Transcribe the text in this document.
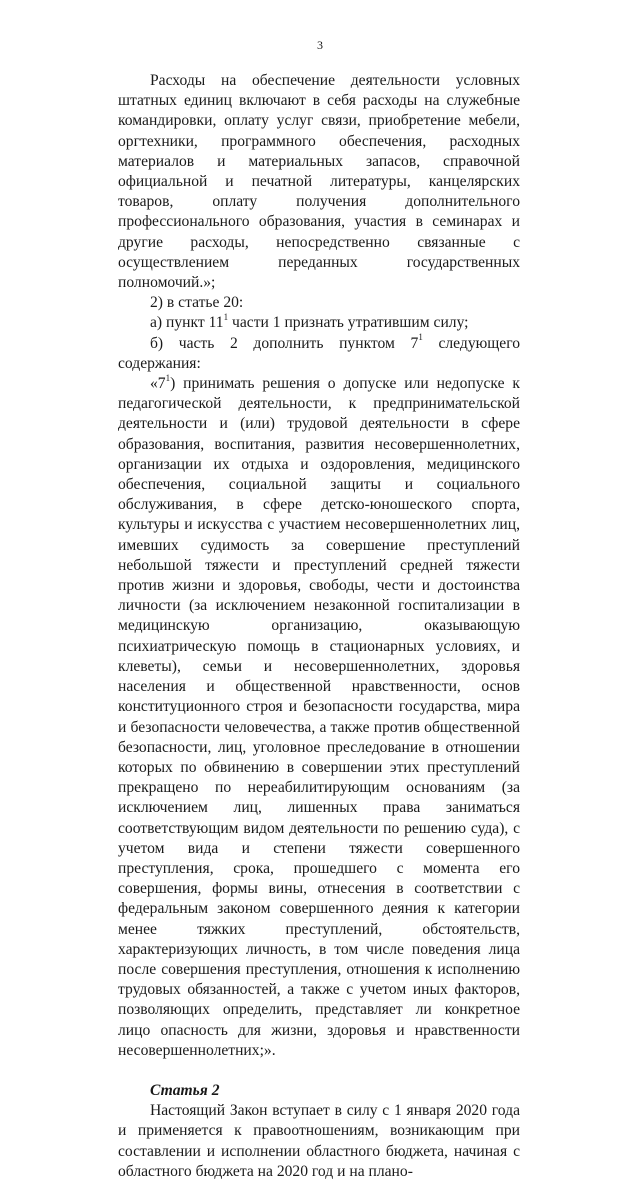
3

Расходы на обеспечение деятельности условных штатных единиц включают в себя расходы на служебные командировки, оплату услуг связи, приобретение мебели, оргтехники, программного обеспечения, расходных материалов и материальных запасов, справочной официальной и печатной литературы, канцелярских товаров, оплату получения дополнительного профессионального образования, участия в семинарах и другие расходы, непосредственно связанные с осуществлением переданных государственных полномочий.»;

2) в статье 20:

а) пункт $11^1$ части 1 признать утратившим силу;

б) часть 2 дополнить пунктом $7^1$ следующего содержания:

«$7^1$) принимать решения о допуске или недопуске к педагогической деятельности, к предпринимательской деятельности и (или) трудовой деятельности в сфере образования, воспитания, развития несовершеннолетних, организации их отдыха и оздоровления, медицинского обеспечения, социальной защиты и социального обслуживания, в сфере детско-юношеского спорта, культуры и искусства с участием несовершеннолетних лиц, имевших судимость за совершение преступлений небольшой тяжести и преступлений средней тяжести против жизни и здоровья, свободы, чести и достоинства личности (за исключением незаконной госпитализации в медицинскую организацию, оказывающую психиатрическую помощь в стационарных условиях, и клеветы), семьи и несовершеннолетних, здоровья населения и общественной нравственности, основ конституционного строя и безопасности государства, мира и безопасности человечества, а также против общественной безопасности, лиц, уголовное преследование в отношении которых по обвинению в совершении этих преступлений прекращено по нереабилитирующим основаниям (за исключением лиц, лишенных права заниматься соответствующим видом деятельности по решению суда), с учетом вида и степени тяжести совершенного преступления, срока, прошедшего с момента его совершения, формы вины, отнесения в соответствии с федеральным законом совершенного деяния к категории менее тяжких преступлений, обстоятельств, характеризующих личность, в том числе поведения лица после совершения преступления, отношения к исполнению трудовых обязанностей, а также с учетом иных факторов, позволяющих определить, представляет ли конкретное лицо опасность для жизни, здоровья и нравственности несовершеннолетних;».

Статья 2

Настоящий Закон вступает в силу с 1 января 2020 года и применяется к правоотношениям, возникающим при составлении и исполнении областного бюджета, начиная с областного бюджета на 2020 год и на плано-
